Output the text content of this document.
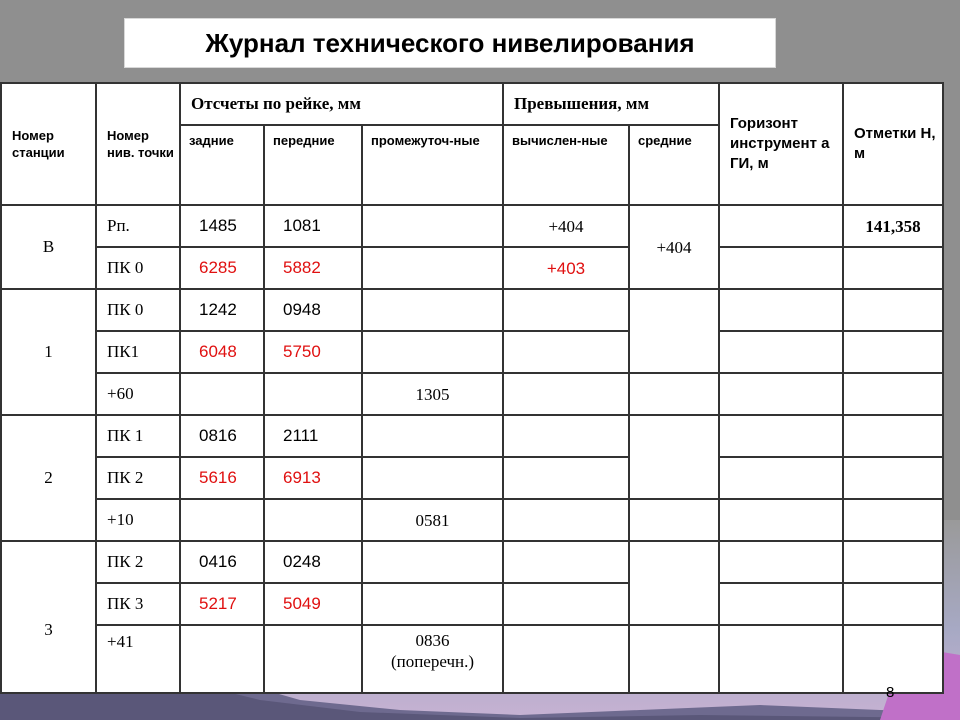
Журнал технического нивелирования
Номер станции	Номер нив. точки	Отсчеты по рейке, мм			Превышения, мм		Горизонт инструмент а ГИ, м	Отметки Н, м
		задние	передние	промежуточ-ные	вычислен-ные	средние		
В	Рп.	1485	1081		+404	+404		141,358
	ПК 0	6285	5882		+403			
1	ПК 0	1242	0948					
	ПК1	6048	5750					
	+60			1305				
2	ПК 1	0816	2111					
	ПК 2	5616	6913					
	+10			0581				
3	ПК 2	0416	0248					
	ПК 3	5217	5049					
	+41			0836 (поперечн.)				
8
